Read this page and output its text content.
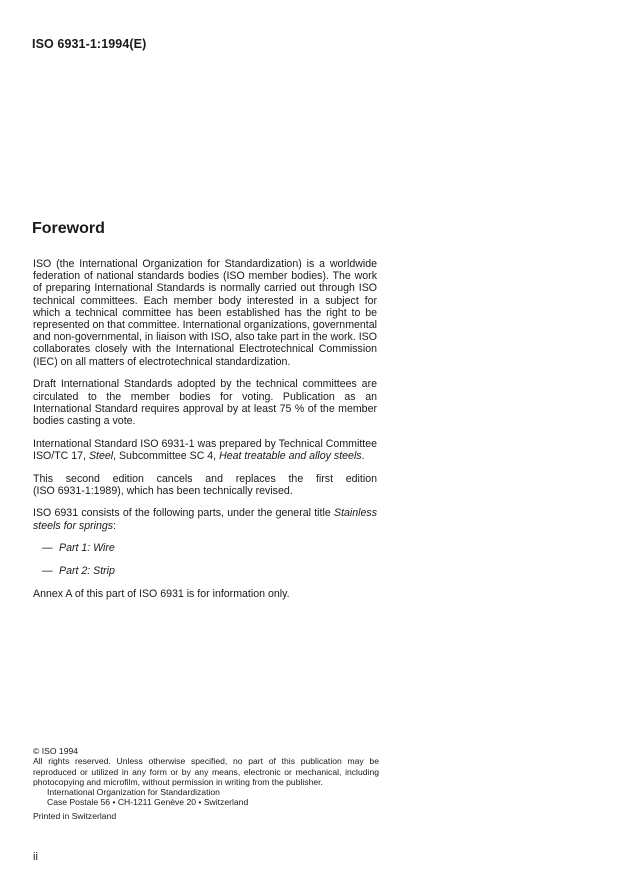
ISO 6931-1:1994(E)
Foreword

ISO (the International Organization for Standardization) is a worldwide federation of national standards bodies (ISO member bodies). The work of preparing International Standards is normally carried out through ISO technical committees. Each member body interested in a subject for which a technical committee has been established has the right to be represented on that committee. International organizations, governmental and non-governmental, in liaison with ISO, also take part in the work. ISO collaborates closely with the International Electrotechnical Commission (IEC) on all matters of electrotechnical standardization.

Draft International Standards adopted by the technical committees are circulated to the member bodies for voting. Publication as an International Standard requires approval by at least 75 % of the member bodies casting a vote.

International Standard ISO 6931-1 was prepared by Technical Committee ISO/TC 17, Steel, Subcommittee SC 4, Heat treatable and alloy steels.

This second edition cancels and replaces the first edition

(ISO 6931-1:1989), which has been technically revised.

ISO 6931 consists of the following parts, under the general title Stainless steels for springs:

— Part 1: Wire
— Part 2: Strip

Annex A of this part of ISO 6931 is for information only.

© ISO 1994

All rights reserved. Unless otherwise specified, no part of this publication may be reproduced or utilized in any form or by any means, electronic or mechanical, including photocopying and microfilm, without permission in writing from the publisher.

International Organization for Standardization

Case Postale 56 • CH-1211 Genève 20 • Switzerland

Printed in Switzerland

ii
